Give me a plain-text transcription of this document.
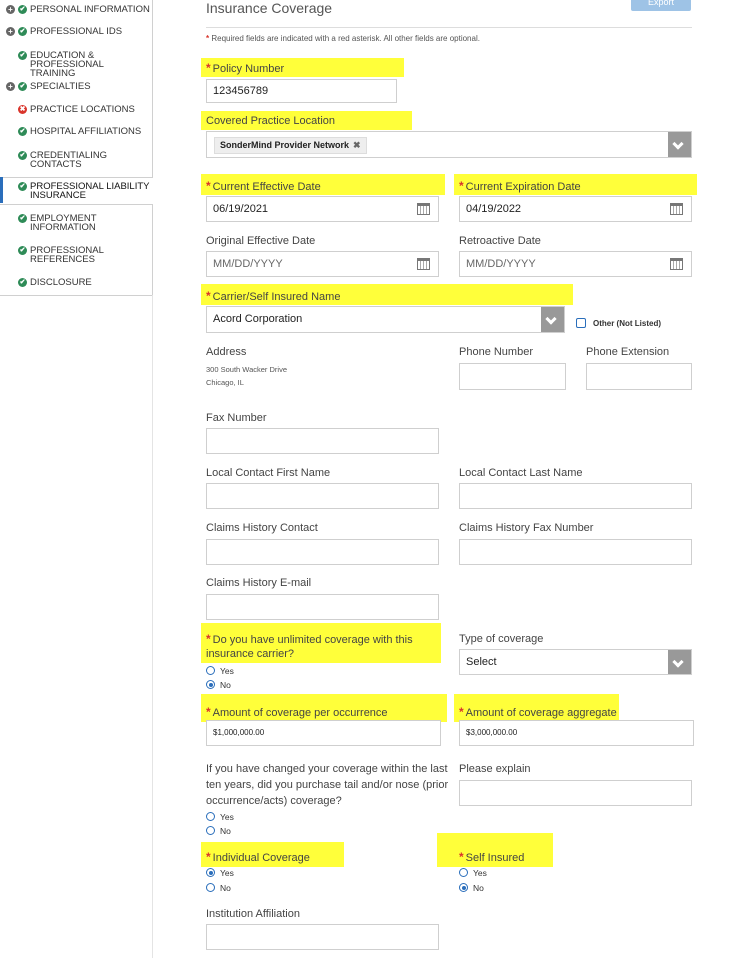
+ ✔ PERSONAL INFORMATION
+ ✔ PROFESSIONAL IDS
✔ EDUCATION & PROFESSIONAL TRAINING
+ ✔ SPECIALTIES
✖ PRACTICE LOCATIONS
✔ HOSPITAL AFFILIATIONS
✔ CREDENTIALING CONTACTS
✔ PROFESSIONAL LIABILITY INSURANCE
✔ EMPLOYMENT INFORMATION
✔ PROFESSIONAL REFERENCES
✔ DISCLOSURE
Insurance Coverage	Export
* Required fields are indicated with a red asterisk. All other fields are optional.
* Policy Number
123456789
Covered Practice Location
SonderMind Provider Network ✖
* Current Effective Date
06/19/2021
* Current Expiration Date
04/19/2022
Original Effective Date
MM/DD/YYYY
Retroactive Date
MM/DD/YYYY
* Carrier/Self Insured Name
Acord Corporation	Other (Not Listed)
Address
300 South Wacker Drive
Chicago, IL
Phone Number	Phone Extension
Fax Number
Local Contact First Name	Local Contact Last Name
Claims History Contact	Claims History Fax Number
Claims History E-mail
* Do you have unlimited coverage with this
insurance carrier?
Yes
No
Type of coverage
Select
* Amount of coverage per occurrence
$1,000,000.00
* Amount of coverage aggregate
$3,000,000.00
If you have changed your coverage within the last
ten years, did you purchase tail and/or nose (prior
occurrence/acts) coverage?
Yes
No
Please explain
* Individual Coverage
Yes
No
* Self Insured
Yes
No
Institution Affiliation
